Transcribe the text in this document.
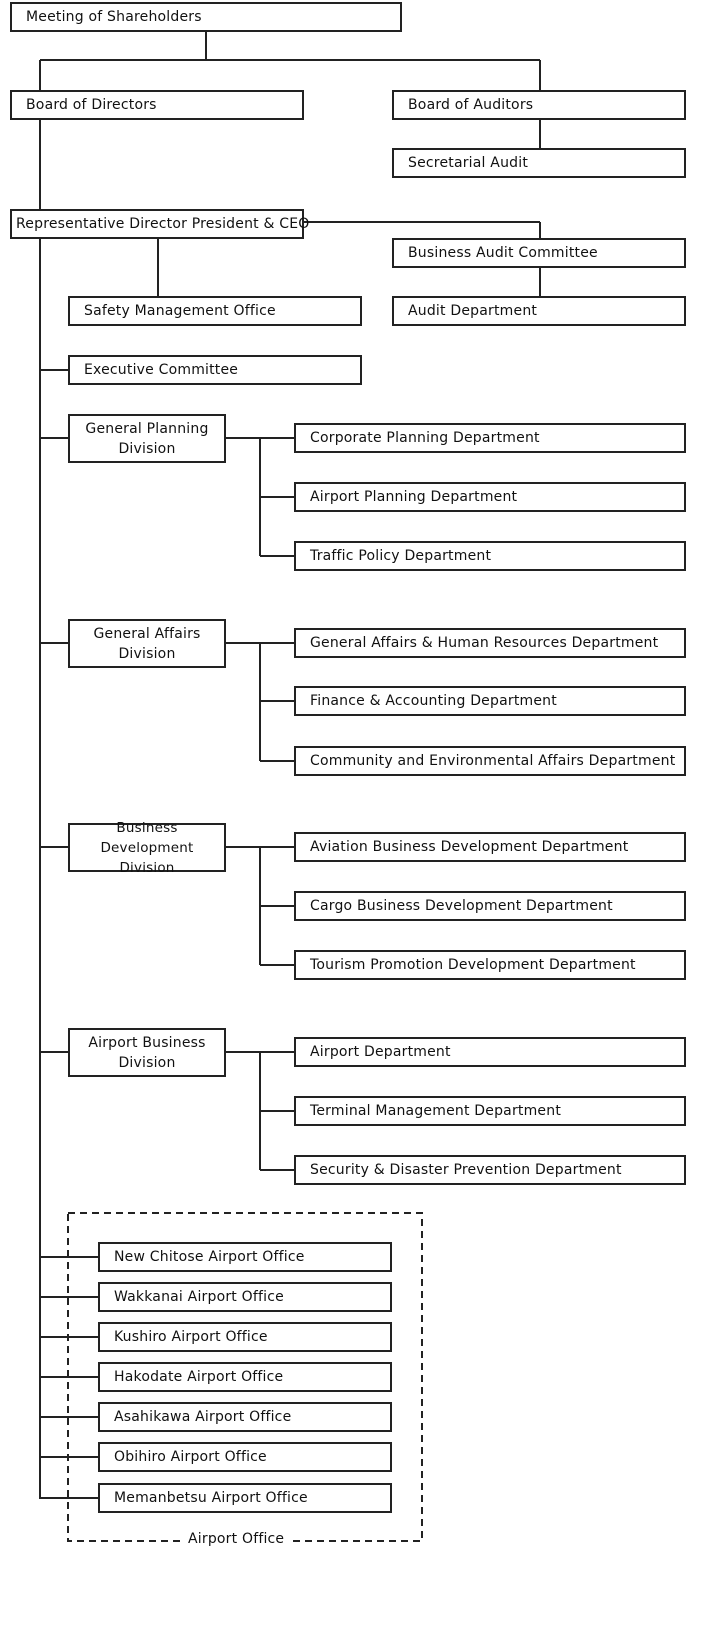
Meeting of Shareholders
Board of Directors	Board of Auditors
Secretarial Audit
Representative Director President & CEO
Business Audit Committee
Safety Management Office	Audit Department
Executive Committee
General Planning Division
Corporate Planning Department
Airport Planning Department
Traffic Policy Department
General Affairs Division
General Affairs & Human Resources Department
Finance & Accounting Department
Community and Environmental Affairs Department
Business Development Division
Aviation Business Development Department
Cargo Business Development Department
Tourism Promotion Development Department
Airport Business Division
Airport Department
Terminal Management Department
Security & Disaster Prevention Department
New Chitose Airport Office
Wakkanai Airport Office
Kushiro Airport Office
Hakodate Airport Office
Asahikawa Airport Office
Obihiro Airport Office
Memanbetsu Airport Office
Airport Office
